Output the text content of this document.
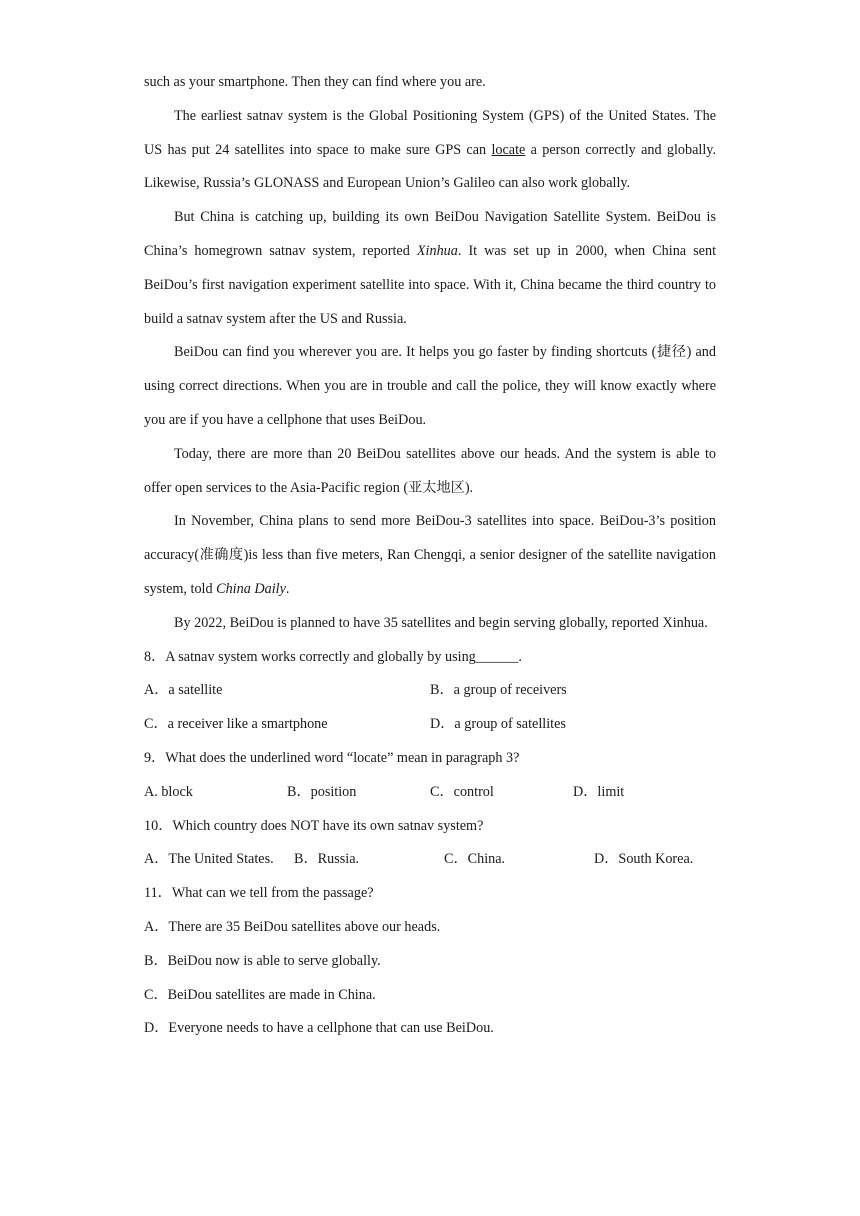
such as your smartphone. Then they can find where you are.

The earliest satnav system is the Global Positioning System (GPS) of the United States. The US has put 24 satellites into space to make sure GPS can locate a person correctly and globally. Likewise, Russia’s GLONASS and European Union’s Galileo can also work globally.

But China is catching up, building its own BeiDou Navigation Satellite System. BeiDou is China’s homegrown satnav system, reported Xinhua. It was set up in 2000, when China sent BeiDou’s first navigation experiment satellite into space. With it, China became the third country to build a satnav system after the US and Russia.

BeiDou can find you wherever you are. It helps you go faster by finding shortcuts (捷径) and using correct directions. When you are in trouble and call the police, they will know exactly where you are if you have a cellphone that uses BeiDou.

Today, there are more than 20 BeiDou satellites above our heads. And the system is able to offer open services to the Asia-Pacific region (亚太地区).

In November, China plans to send more BeiDou-3 satellites into space. BeiDou-3’s position accuracy(准确度)is less than five meters, Ran Chengqi, a senior designer of the satellite navigation system, told China Daily.

By 2022, BeiDou is planned to have 35 satellites and begin serving globally, reported Xinhua.

8．A satnav system works correctly and globally by using______.
A．a satellite	B．a group of receivers
C．a receiver like a smartphone	D．a group of satellites
9．What does the underlined word “locate” mean in paragraph 3?
A. block	B．position	C．control	D．limit
10．Which country does NOT have its own satnav system?
A．The United States.	B．Russia.	C．China.	D．South Korea.
11．What can we tell from the passage?
A．There are 35 BeiDou satellites above our heads.
B．BeiDou now is able to serve globally.
C．BeiDou satellites are made in China.
D．Everyone needs to have a cellphone that can use BeiDou.
